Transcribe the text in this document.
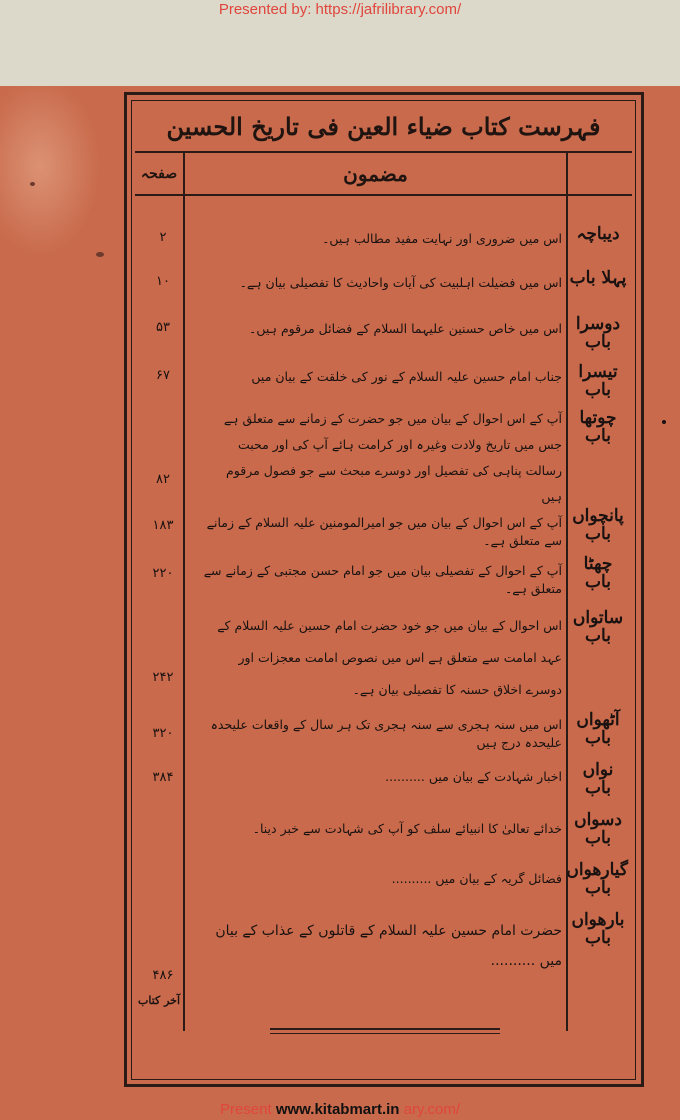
Presented by: https://jafrilibrary.com/
فہرست کتاب ضیاء العین فی تاریخ الحسین
مضمون
صفحہ
دیباچہ
اس میں ضروری اور نہایت مفید مطالب ہیں۔
۲
پہلا باب
اس میں فضیلت اہلبیت کی آیات واحادیث کا تفصیلی بیان ہے۔
۱۰
دوسرا باب
اس میں خاص حسنین علیہما السلام کے فضائل مرقوم ہیں۔
۵۳
تیسرا باب
جناب امام حسین علیہ السلام کے نور کی خلقت کے بیان میں
۶۷
چوتھا باب
آپ کے اس احوال کے بیان میں جو حضرت کے زمانے سے متعلق ہے جس میں تاریخ ولادت وغیرہ اور کرامت ہائے آپ کی اور محبت رسالت پناہی کی تفصیل اور دوسرے مبحث سے جو فصول مرقوم ہیں
۸۲
پانچواں باب
آپ کے اس احوال کے بیان میں جو امیرالمومنین علیہ السلام کے زمانے سے متعلق ہے۔
۱۸۳
چھٹا باب
آپ کے احوال کے تفصیلی بیان میں جو امام حسن مجتبی کے زمانے سے متعلق ہے۔
۲۲۰
ساتواں باب
اس احوال کے بیان میں جو خود حضرت امام حسین علیہ السلام کے عہد امامت سے متعلق ہے اس میں نصوص امامت معجزات اور دوسرے اخلاق حسنہ کا تفصیلی بیان ہے۔
۲۴۲
آٹھواں باب
اس میں سنہ ہجری سے سنہ ہجری تک ہر سال کے واقعات علیحدہ علیحدہ درج ہیں
۳۲۰
نواں باب
اخبار شہادت کے بیان میں ..........
۳۸۴
دسواں باب
خدائے تعالیٰ کا انبیائے سلف کو آپ کی شہادت سے خبر دینا۔
گیارھواں باب
فضائل گریہ کے بیان میں ..........
بارھواں باب
حضرت امام حسین علیہ السلام کے قاتلوں کے عذاب کے بیان میں ..........
۴۸۶
آخر کتاب
Present www.kitabmart.in ary.com/
